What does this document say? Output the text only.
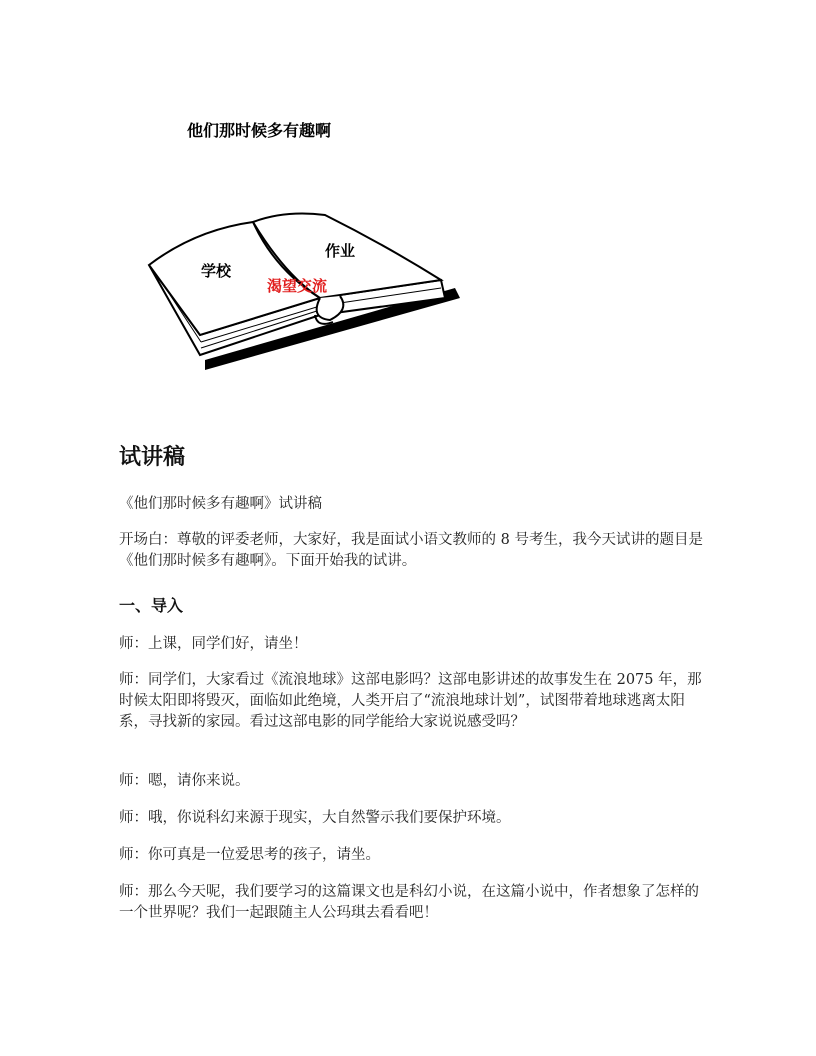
他们那时候多有趣啊
学校
作业
渴望交流
试讲稿

《他们那时候多有趣啊》试讲稿

开场白：尊敬的评委老师，大家好，我是面试小语文教师的 8 号考生，我今天试讲的题目是《他们那时候多有趣啊》。下面开始我的试讲。

一、导入

师：上课，同学们好，请坐！

师：同学们，大家看过《流浪地球》这部电影吗？这部电影讲述的故事发生在 2075 年，那时候太阳即将毁灭，面临如此绝境，人类开启了“流浪地球计划”，试图带着地球逃离太阳系，寻找新的家园。看过这部电影的同学能给大家说说感受吗？

师：嗯，请你来说。

师：哦，你说科幻来源于现实，大自然警示我们要保护环境。

师：你可真是一位爱思考的孩子，请坐。

师：那么今天呢，我们要学习的这篇课文也是科幻小说，在这篇小说中，作者想象了怎样的一个世界呢？我们一起跟随主人公玛琪去看看吧！
